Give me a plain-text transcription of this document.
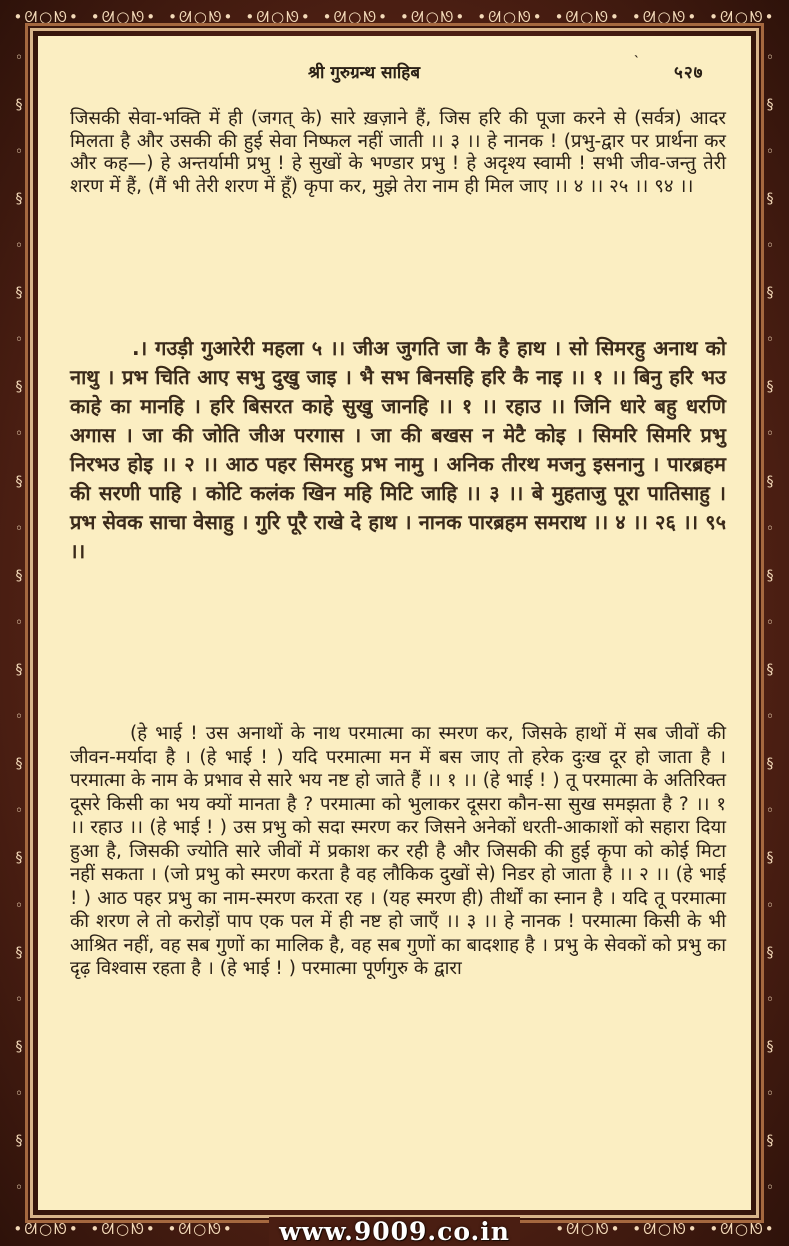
•ᘛ○ᘚ• •ᘛ○ᘚ• •ᘛ○ᘚ• •ᘛ○ᘚ• •ᘛ○ᘚ• •ᘛ○ᘚ• •ᘛ○ᘚ• •ᘛ○ᘚ• •ᘛ○ᘚ• •ᘛ○ᘚ•
◦
§
◦
§
◦
§
◦
§
◦
§
◦
§
◦
§
◦
§
◦
§
◦
§
◦
§
◦
§
◦
◦
§
◦
§
◦
§
◦
§
◦
§
◦
§
◦
§
◦
§
◦
§
◦
§
◦
§
◦
§
◦
•ᘛ○ᘚ• •ᘛ○ᘚ• •ᘛ○ᘚ•	•ᘛ○ᘚ• •ᘛ○ᘚ• •ᘛ○ᘚ•
श्री गुरुग्रन्थ साहिब
`
५२७

जिसकी सेवा-भक्ति में ही (जगत् के) सारे ख़ज़ाने हैं, जिस हरि की पूजा करने से (सर्वत्र) आदर मिलता है और उसकी की हुई सेवा निष्फल नहीं जाती ।। ३ ।। हे नानक ! (प्रभु-द्वार पर प्रार्थना कर और कह—) हे अन्तर्यामी प्रभु ! हे सुखों के भण्डार प्रभु ! हे अदृश्य स्वामी ! सभी जीव-जन्तु तेरी शरण में हैं, (मैं भी तेरी शरण में हूँ) कृपा कर, मुझे तेरा नाम ही मिल जाए ।। ४ ।। २५ ।। ९४ ।।

.। गउड़ी गुआरेरी महला ५ ।। जीअ जुगति जा कै है हाथ । सो सिमरहु अनाथ को नाथु । प्रभ चिति आए सभु दुखु जाइ । भै सभ बिनसहि हरि कै नाइ ।। १ ।। बिनु हरि भउ काहे का मानहि । हरि बिसरत काहे सुखु जानहि ।। १ ।। रहाउ ।। जिनि धारे बहु धरणि अगास । जा की जोति जीअ परगास । जा की बखस न मेटै कोइ । सिमरि सिमरि प्रभु निरभउ होइ ।। २ ।। आठ पहर सिमरहु प्रभ नामु । अनिक तीरथ मजनु इसनानु । पारब्रहम की सरणी पाहि । कोटि कलंक खिन महि मिटि जाहि ।। ३ ।। बे मुहताजु पूरा पातिसाहु । प्रभ सेवक साचा वेसाहु । गुरि पूरै राखे दे हाथ । नानक पारब्रहम समराथ ।। ४ ।। २६ ।। ९५ ।।

(हे भाई ! उस अनाथों के नाथ परमात्मा का स्मरण कर, जिसके हाथों में सब जीवों की जीवन-मर्यादा है । (हे भाई ! ) यदि परमात्मा मन में बस जाए तो हरेक दुःख दूर हो जाता है । परमात्मा के नाम के प्रभाव से सारे भय नष्ट हो जाते हैं ।। १ ।। (हे भाई ! ) तू परमात्मा के अतिरिक्त दूसरे किसी का भय क्यों मानता है ? परमात्मा को भुलाकर दूसरा कौन-सा सुख समझता है ? ।। १ ।। रहाउ ।। (हे भाई ! ) उस प्रभु को सदा स्मरण कर जिसने अनेकों धरती-आकाशों को सहारा दिया हुआ है, जिसकी ज्योति सारे जीवों में प्रकाश कर रही है और जिसकी की हुई कृपा को कोई मिटा नहीं सकता । (जो प्रभु को स्मरण करता है वह लौकिक दुखों से) निडर हो जाता है ।। २ ।। (हे भाई ! ) आठ पहर प्रभु का नाम-स्मरण करता रह । (यह स्मरण ही) तीर्थों का स्नान है । यदि तू परमात्मा की शरण ले तो करोड़ों पाप एक पल में ही नष्ट हो जाएँ ।। ३ ।। हे नानक ! परमात्मा किसी के भी आश्रित नहीं, वह सब गुणों का मालिक है, वह सब गुणों का बादशाह है । प्रभु के सेवकों को प्रभु का दृढ़ विश्वास रहता है । (हे भाई ! ) परमात्मा पूर्णगुरु के द्वारा

www.9009.co.in
